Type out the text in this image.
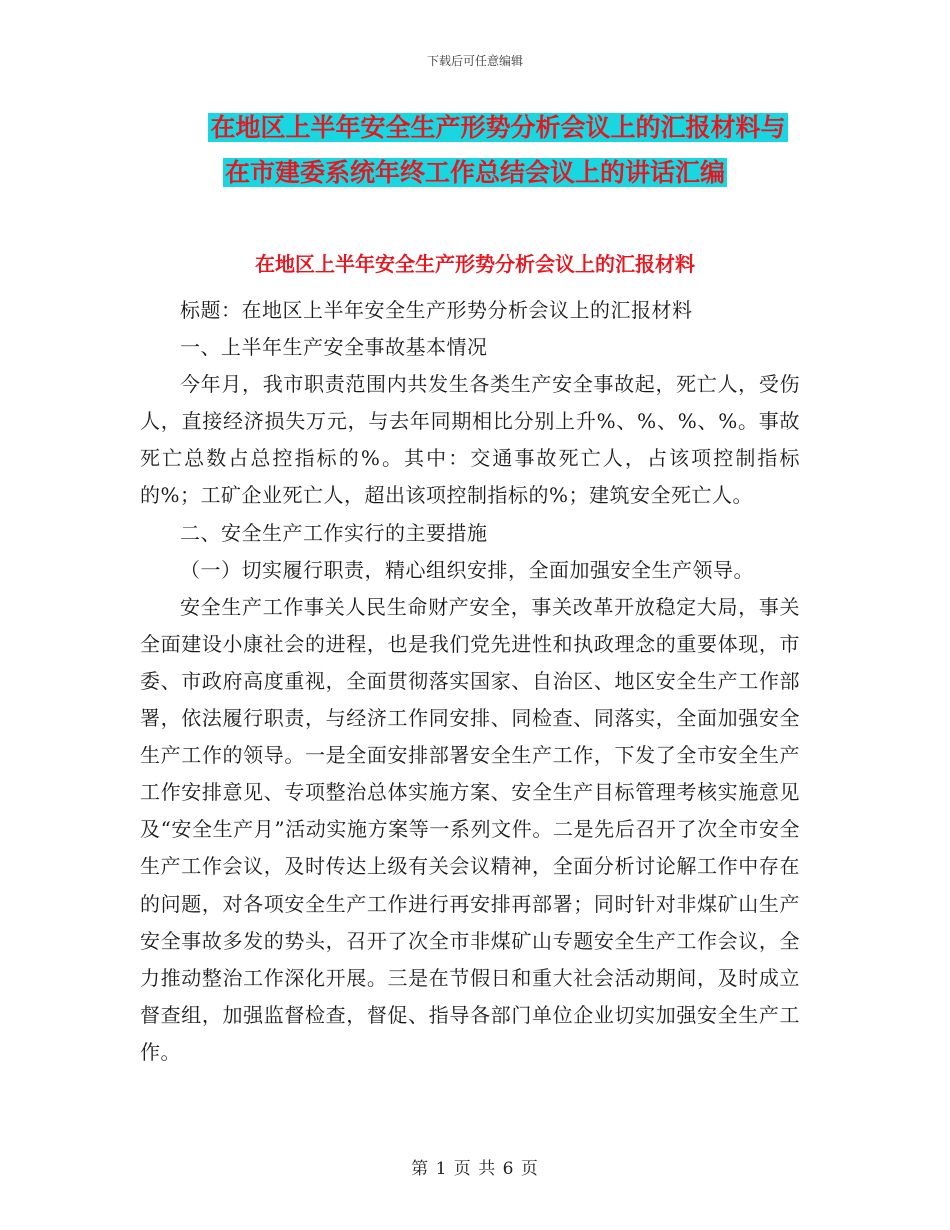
下载后可任意编辑
在地区上半年安全生产形势分析会议上的汇报材料与
在市建委系统年终工作总结会议上的讲话汇编
在地区上半年安全生产形势分析会议上的汇报材料

标题：在地区上半年安全生产形势分析会议上的汇报材料

一、上半年生产安全事故基本情况

今年月，我市职责范围内共发生各类生产安全事故起，死亡人，受伤人，直接经济损失万元，与去年同期相比分别上升%、%、%、%。事故死亡总数占总控指标的%。其中：交通事故死亡人，占该项控制指标的%；工矿企业死亡人，超出该项控制指标的%；建筑安全死亡人。

二、安全生产工作实行的主要措施

（一）切实履行职责，精心组织安排，全面加强安全生产领导。

安全生产工作事关人民生命财产安全，事关改革开放稳定大局，事关全面建设小康社会的进程，也是我们党先进性和执政理念的重要体现，市委、市政府高度重视，全面贯彻落实国家、自治区、地区安全生产工作部署，依法履行职责，与经济工作同安排、同检查、同落实，全面加强安全生产工作的领导。一是全面安排部署安全生产工作，下发了全市安全生产工作安排意见、专项整治总体实施方案、安全生产目标管理考核实施意见及“安全生产月”活动实施方案等一系列文件。二是先后召开了次全市安全生产工作会议，及时传达上级有关会议精神，全面分析讨论解工作中存在的问题，对各项安全生产工作进行再安排再部署；同时针对非煤矿山生产安全事故多发的势头，召开了次全市非煤矿山专题安全生产工作会议，全力推动整治工作深化开展。三是在节假日和重大社会活动期间，及时成立督查组，加强监督检查，督促、指导各部门单位企业切实加强安全生产工作。

第 1 页 共 6 页
